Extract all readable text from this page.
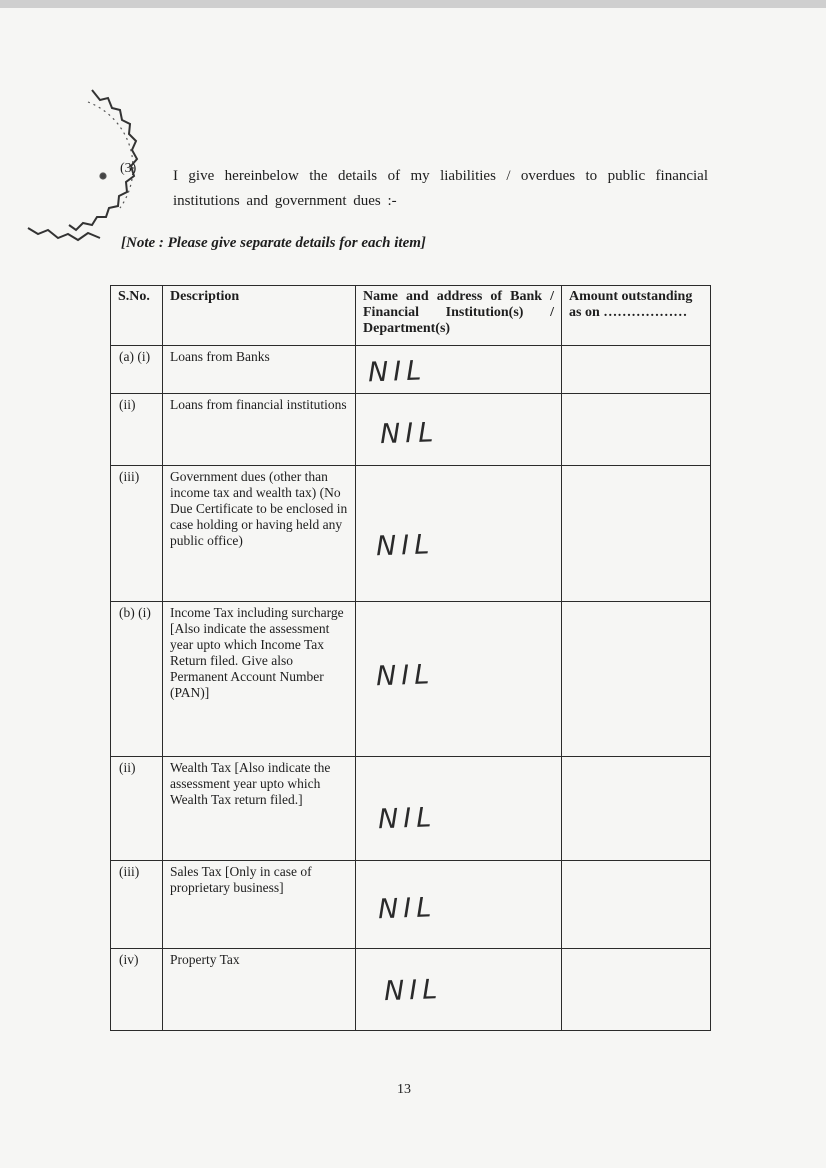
(3) I give hereinbelow the details of my liabilities / overdues to public financial institutions and government dues :-
[Note : Please give separate details for each item]
S.No.	Description	Name and address of Bank / Financial Institution(s) / Department(s)	Amount outstanding as on ………………
(a) (i)	Loans from Banks	NIL	

(ii)	Loans from financial institutions	NIL	

(iii)	Government dues (other than income tax and wealth tax) (No Due Certificate to be enclosed in case holding or having held any public office)	NIL	

(b) (i)	Income Tax including surcharge [Also indicate the assessment year upto which Income Tax Return filed. Give also Permanent Account Number (PAN)]	NIL	

(ii)	Wealth Tax [Also indicate the assessment year upto which Wealth Tax return filed.]	NIL	

(iii)	Sales Tax [Only in case of proprietary business]	NIL	

(iv)	Property Tax	NIL	

13
